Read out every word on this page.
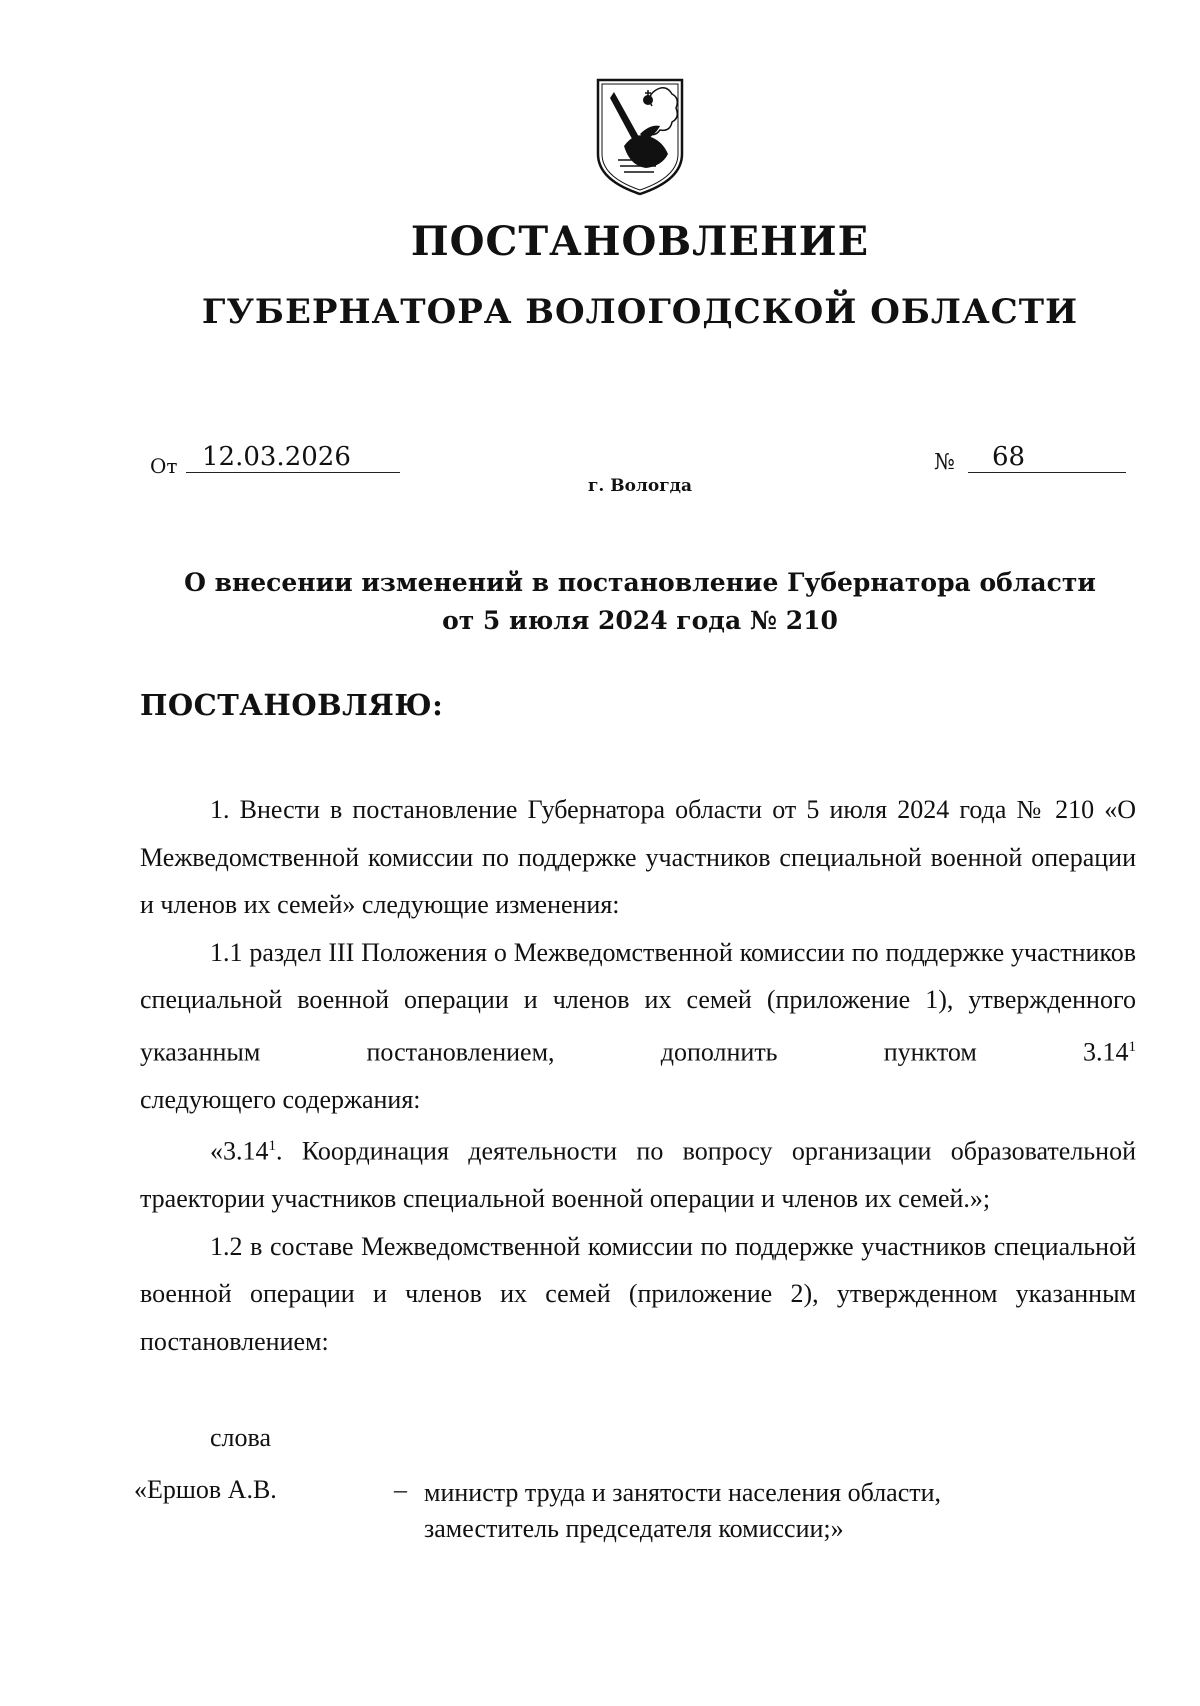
ПОСТАНОВЛЕНИЕ
ГУБЕРНАТОРА ВОЛОГОДСКОЙ ОБЛАСТИ
От 12.03.2026	№	68
г. Вологда
О внесении изменений в постановление Губернатора области
от 5 июля 2024 года № 210
ПОСТАНОВЛЯЮ:

1. Внести в постановление Губернатора области от 5 июля 2024 года № 210 «О Межведомственной комиссии по поддержке участников специальной военной операции и членов их семей» следующие изменения:

1.1 раздел III Положения о Межведомственной комиссии по поддержке участников специальной военной операции и членов их семей (приложение 1), утвержденного указанным постановлением, дополнить пунктом 3.14$^1$

следующего содержания:

«3.14$^1$. Координация деятельности по вопросу организации образовательной траектории участников специальной военной операции и членов их семей.»;

1.2 в составе Межведомственной комиссии по поддержке участников специальной военной операции и членов их семей (приложение 2), утвержденном указанным постановлением:

слова
«Ершов А.В.	– министр труда и занятости населения области,
заместитель председателя комиссии;»
